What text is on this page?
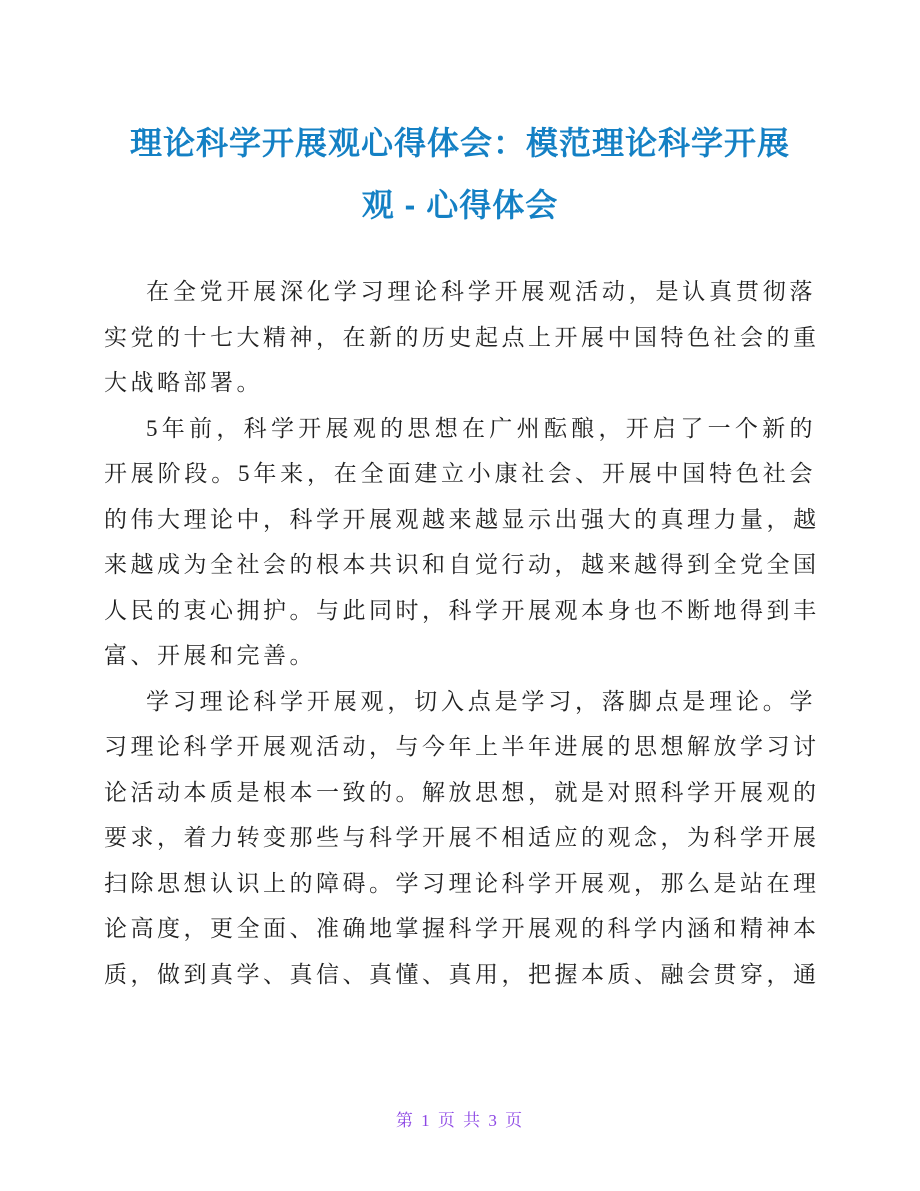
理论科学开展观心得体会：模范理论科学开展
观 - 心得体会

在全党开展深化学习理论科学开展观活动，是认真贯彻落
实党的十七大精神，在新的历史起点上开展中国特色社会的重
大战略部署。

5年前，科学开展观的思想在广州酝酿，开启了一个新的
开展阶段。5年来，在全面建立小康社会、开展中国特色社会
的伟大理论中，科学开展观越来越显示出强大的真理力量，越
来越成为全社会的根本共识和自觉行动，越来越得到全党全国
人民的衷心拥护。与此同时，科学开展观本身也不断地得到丰
富、开展和完善。

学习理论科学开展观，切入点是学习，落脚点是理论。学
习理论科学开展观活动，与今年上半年进展的思想解放学习讨
论活动本质是根本一致的。解放思想，就是对照科学开展观的
要求，着力转变那些与科学开展不相适应的观念，为科学开展
扫除思想认识上的障碍。学习理论科学开展观，那么是站在理
论高度，更全面、准确地掌握科学开展观的科学内涵和精神本
质，做到真学、真信、真懂、真用，把握本质、融会贯穿，通

第 1 页 共 3 页
